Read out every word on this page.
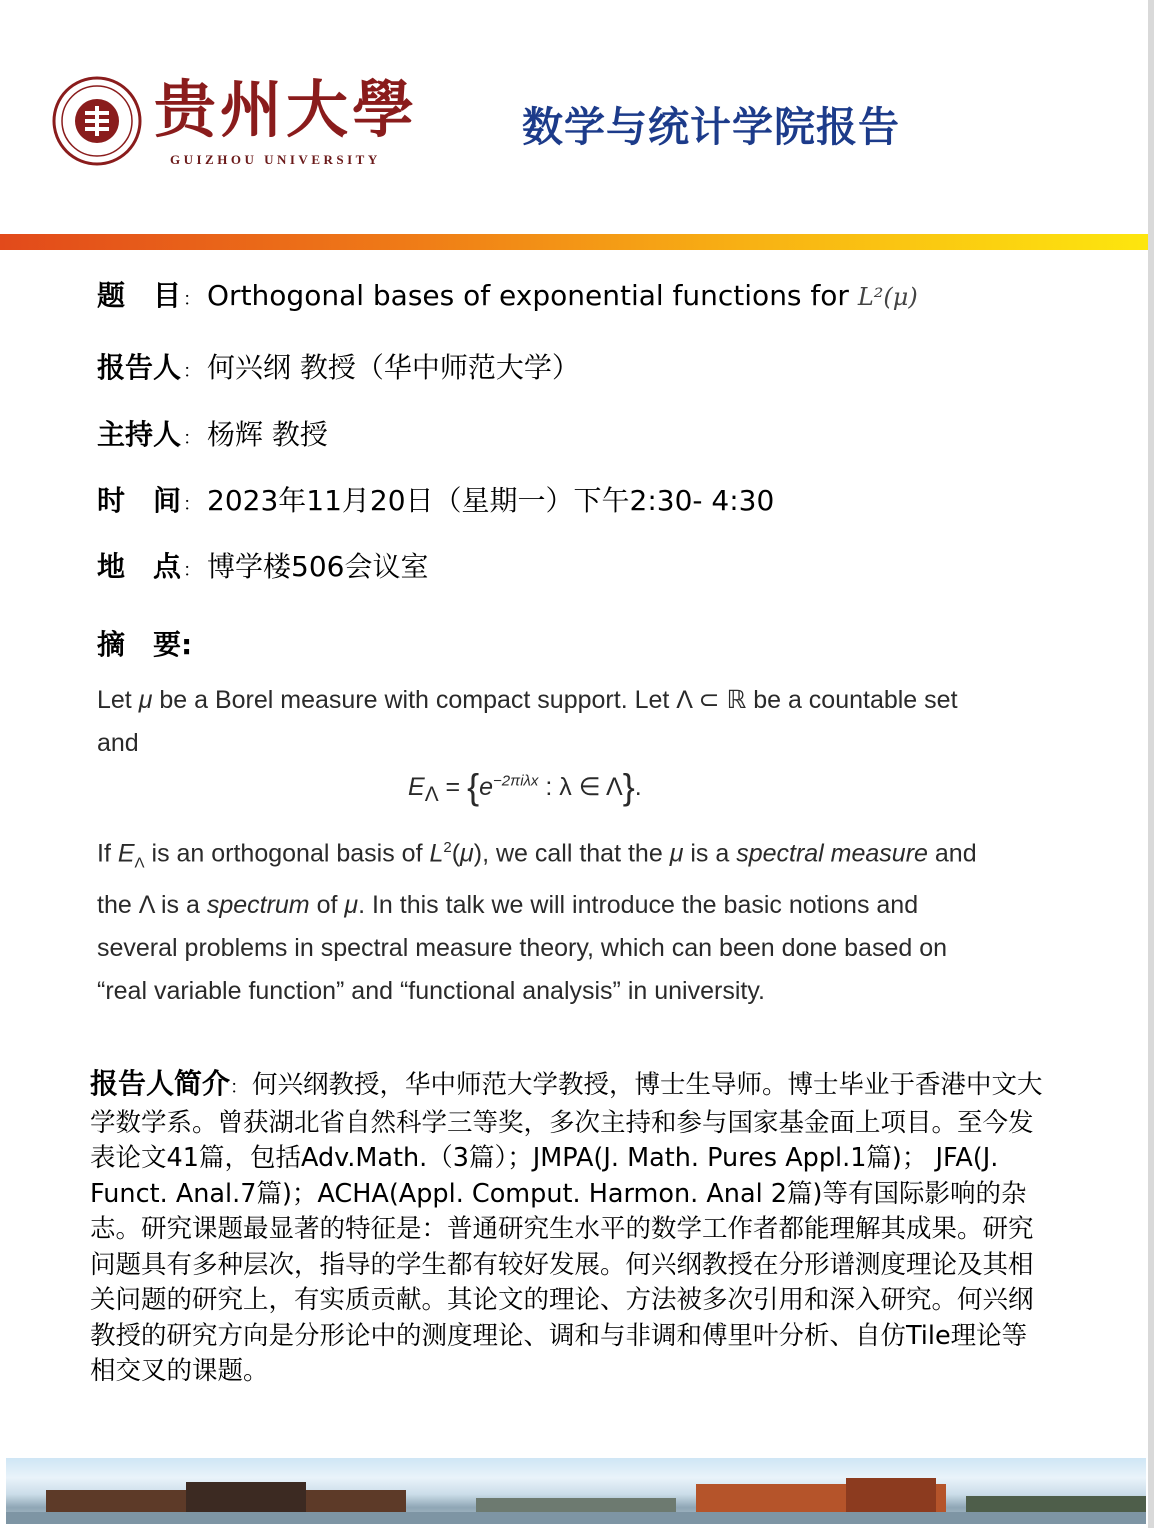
贵州大學
GUIZHOU UNIVERSITY
数学与统计学院报告
题　目 ： Orthogonal bases of exponential functions for L²(μ)
报告人 ： 何兴纲 教授（华中师范大学）
主持人 ： 杨辉 教授
时　间 ： 2023年11月20日（星期一）下午2:30- 4:30
地　点 ： 博学楼506会议室
摘　要:
Let μ be a Borel measure with compact support. Let Λ ⊂ ℝ be a countable set and
$E_\Lambda = \{e^{-2\pi i\lambda x}$ : λ ∈ Λ}.
If $E_\Lambda$ is an orthogonal basis of $L^2(\mu)$, we call that the μ is a spectral measure and the Λ is a spectrum of μ. In this talk we will introduce the basic notions and several problems in spectral measure theory, which can been done based on “real variable function” and “functional analysis” in university.
报告人简介： 何兴纲教授，华中师范大学教授，博士生导师。博士毕业于香港中文大学数学系。曾获湖北省自然科学三等奖，多次主持和参与国家基金面上项目。至今发表论文41篇，包括Adv.Math.（3篇）；JMPA(J. Math. Pures Appl.1篇)； JFA(J. Funct. Anal.7篇)；ACHA(Appl. Comput. Harmon. Anal 2篇)等有国际影响的杂志。研究课题最显著的特征是：普通研究生水平的数学工作者都能理解其成果。研究问题具有多种层次，指导的学生都有较好发展。何兴纲教授在分形谱测度理论及其相关问题的研究上，有实质贡献。其论文的理论、方法被多次引用和深入研究。何兴纲教授的研究方向是分形论中的测度理论、调和与非调和傅里叶分析、自仿Tile理论等相交叉的课题。
